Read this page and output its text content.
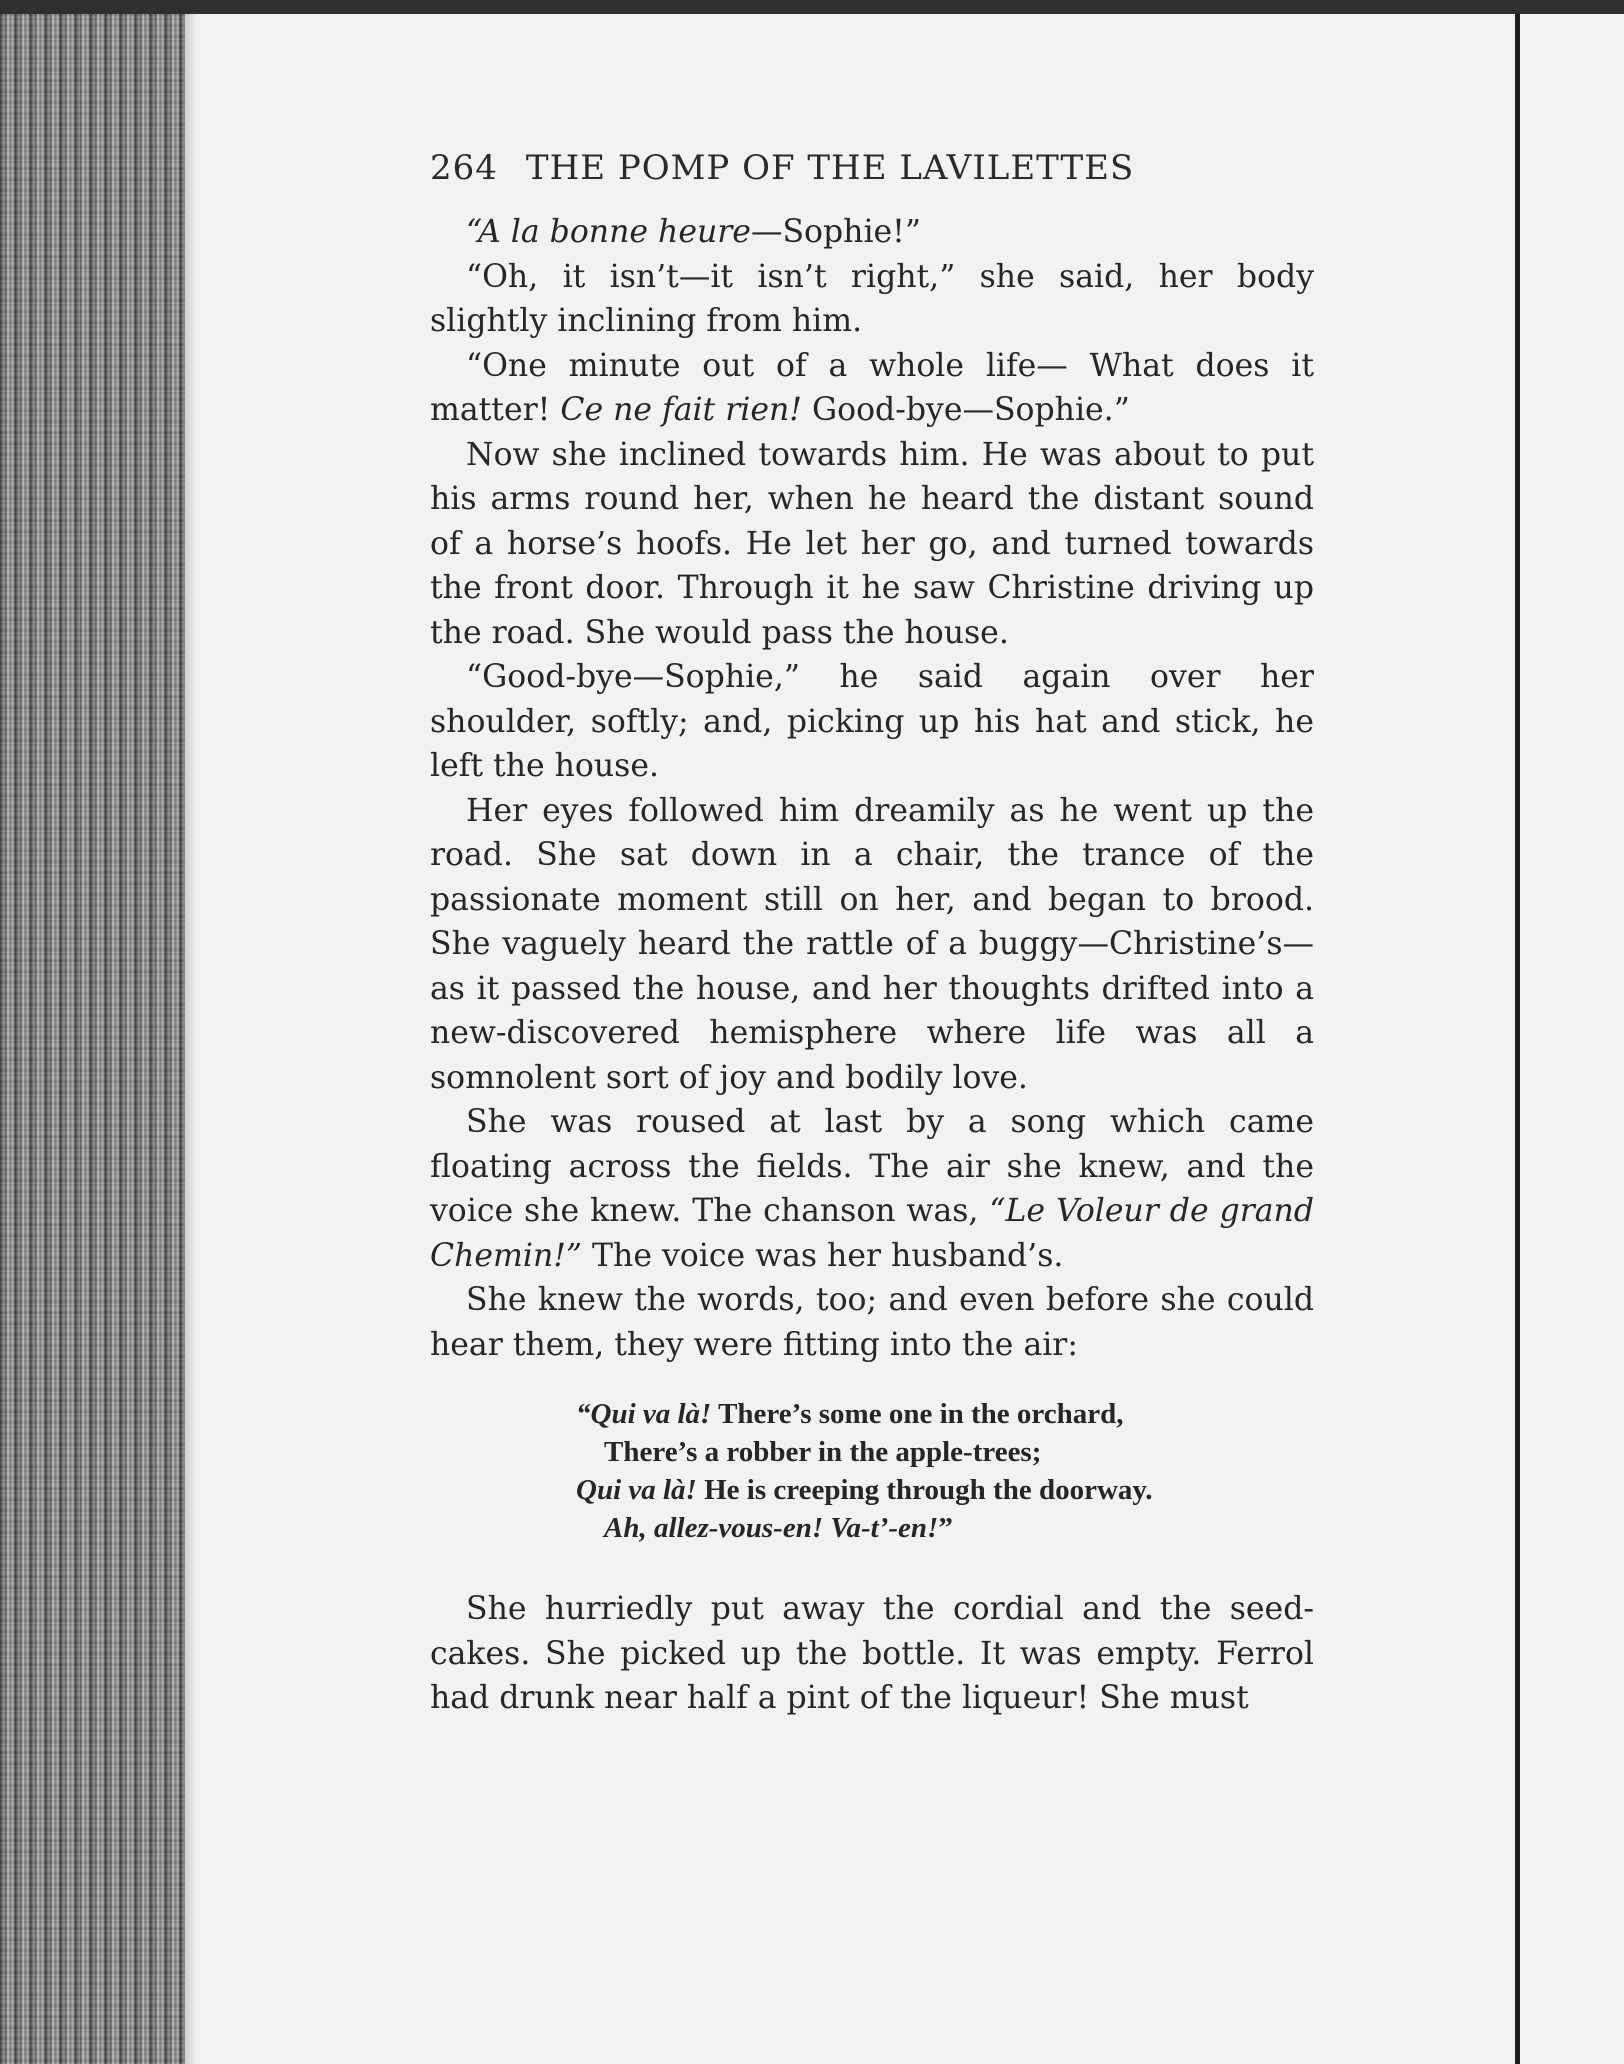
264 THE POMP OF THE LAVILETTES

“A la bonne heure—Sophie!”

“Oh, it isn’t—it isn’t right,” she said, her body slightly inclining from him.

“One minute out of a whole life— What does it matter! Ce ne fait rien! Good-bye—Sophie.”

Now she inclined towards him. He was about to put his arms round her, when he heard the distant sound of a horse’s hoofs. He let her go, and turned towards the front door. Through it he saw Christine driving up the road. She would pass the house.

“Good-bye—Sophie,” he said again over her shoulder, softly; and, picking up his hat and stick, he left the house.

Her eyes followed him dreamily as he went up the road. She sat down in a chair, the trance of the passionate moment still on her, and began to brood. She vaguely heard the rattle of a buggy—Christine’s—as it passed the house, and her thoughts drifted into a new-discovered hemisphere where life was all a somnolent sort of joy and bodily love.

She was roused at last by a song which came floating across the fields. The air she knew, and the voice she knew. The chanson was, “Le Voleur de grand Chemin!” The voice was her husband’s.

She knew the words, too; and even before she could hear them, they were fitting into the air:

“Qui va là! There’s some one in the orchard,
There’s a robber in the apple-trees;
Qui va là! He is creeping through the doorway.
Ah, allez-vous-en! Va-t’-en!”

She hurriedly put away the cordial and the seed-cakes. She picked up the bottle. It was empty. Ferrol had drunk near half a pint of the liqueur! She must
